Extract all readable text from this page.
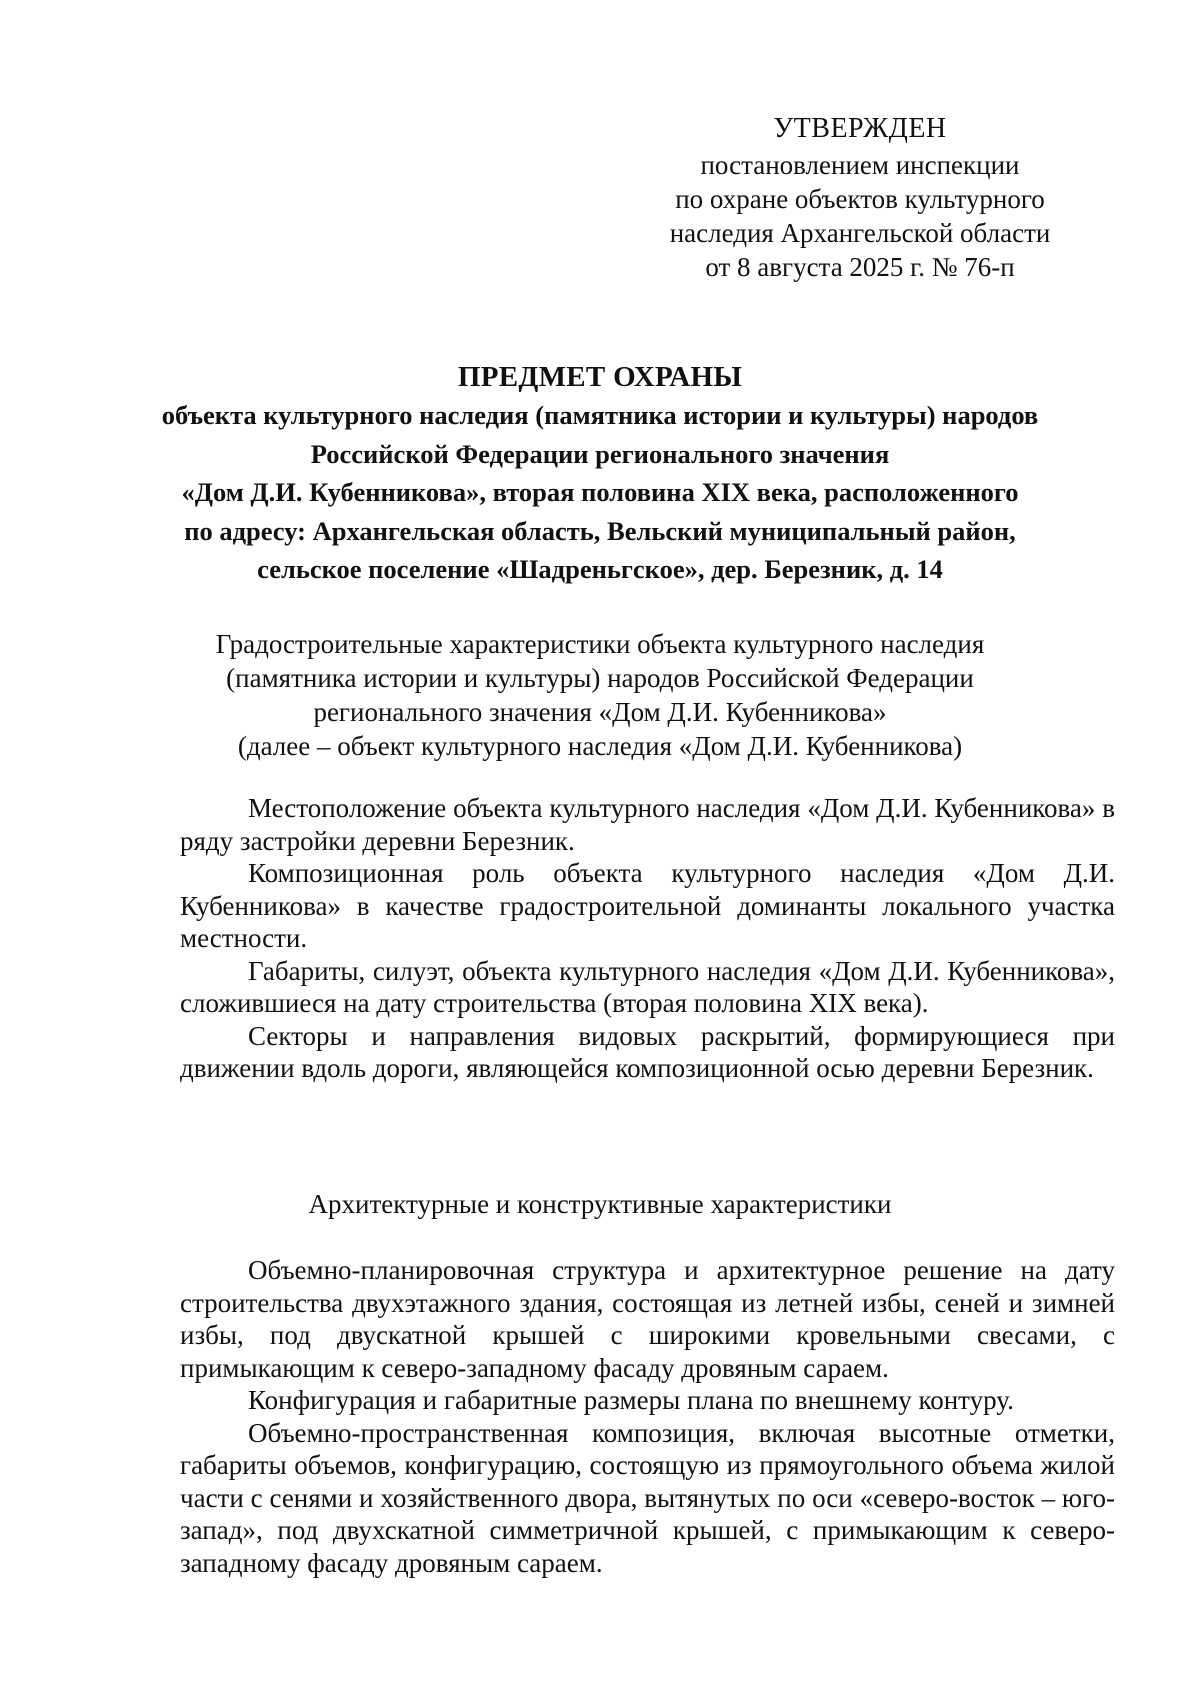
УТВЕРЖДЕН
постановлением инспекции
по охране объектов культурного
наследия Архангельской области
от 8 августа 2025 г. № 76-п
ПРЕДМЕТ ОХРАНЫ
объекта культурного наследия (памятника истории и культуры) народов
Российской Федерации регионального значения
«Дом Д.И. Кубенникова», вторая половина XIX века, расположенного
по адресу: Архангельская область, Вельский муниципальный район,
сельское поселение «Шадреньгское», дер. Березник, д. 14
Градостроительные характеристики объекта культурного наследия
(памятника истории и культуры) народов Российской Федерации
регионального значения «Дом Д.И. Кубенникова»
(далее – объект культурного наследия «Дом Д.И. Кубенникова)

Местоположение объекта культурного наследия «Дом Д.И. Кубенникова» в ряду застройки деревни Березник.

Композиционная роль объекта культурного наследия «Дом Д.И. Кубенникова» в качестве градостроительной доминанты локального участка местности.

Габариты, силуэт, объекта культурного наследия «Дом Д.И. Кубенникова», сложившиеся на дату строительства (вторая половина XIX века).

Секторы и направления видовых раскрытий, формирующиеся при движении вдоль дороги, являющейся композиционной осью деревни Березник.

Архитектурные и конструктивные характеристики

Объемно-планировочная структура и архитектурное решение на дату строительства двухэтажного здания, состоящая из летней избы, сеней и зимней избы, под двускатной крышей с широкими кровельными свесами, с примыкающим к северо-западному фасаду дровяным сараем.

Конфигурация и габаритные размеры плана по внешнему контуру.

Объемно-пространственная композиция, включая высотные отметки, габариты объемов, конфигурацию, состоящую из прямоугольного объема жилой части с сенями и хозяйственного двора, вытянутых по оси «северо-восток – юго-запад», под двухскатной симметричной крышей, с примыкающим к северо-западному фасаду дровяным сараем.
